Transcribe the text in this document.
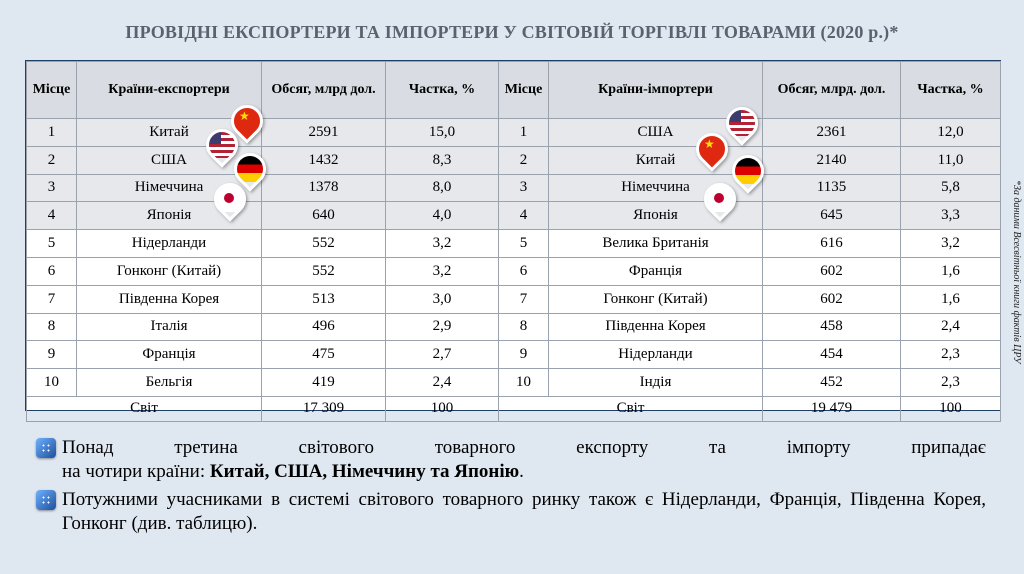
ПРОВІДНІ ЕКСПОРТЕРИ ТА ІМПОРТЕРИ У СВІТОВІЙ ТОРГІВЛІ ТОВАРАМИ (2020 р.)*
Місце	Країни-експортери	Обсяг, млрд дол.	Частка, %	Місце	Країни-імпортери	Обсяг, млрд. дол.	Частка, %
1	Китай	2591	15,0	1	США	2361	12,0
2	США	1432	8,3	2	Китай	2140	11,0
3	Німеччина	1378	8,0	3	Німеччина	1135	5,8
4	Японія	640	4,0	4	Японія	645	3,3
5	Нідерланди	552	3,2	5	Велика Британія	616	3,2
6	Гонконг (Китай)	552	3,2	6	Франція	602	1,6
7	Південна Корея	513	3,0	7	Гонконг (Китай)	602	1,6
8	Італія	496	2,9	8	Південна Корея	458	2,4
9	Франція	475	2,7	9	Нідерланди	454	2,3
10	Бельгія	419	2,4	10	Індія	452	2,3
Світ		17 309	100	Світ		19 479	100
★
★
*За даними Всесвітньої книги фактів ЦРУ
Понад	третина	світового	товарного	експорту	та	імпорту	припадає
на чотири країни: Китай, США, Німеччину та Японію.
Потужними учасниками в системі світового товарного ринку також є Нідерланди, Франція, Південна Корея, Гонконг (див. таблицю).
